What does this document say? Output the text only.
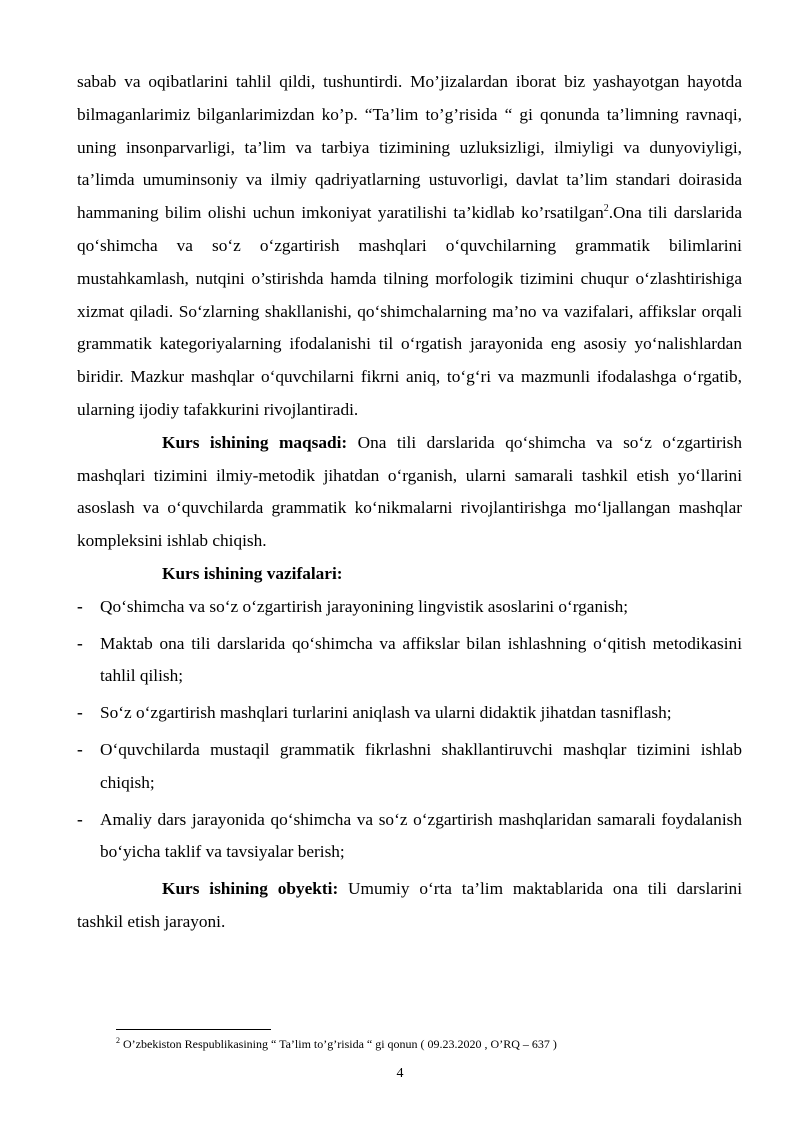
sabab va oqibatlarini tahlil qildi, tushuntirdi. Mo’jizalardan iborat biz yashayotgan hayotda bilmaganlarimiz bilganlarimizdan ko’p. “Ta’lim to’g’risida “ gi qonunda ta’limning ravnaqi, uning insonparvarligi, ta’lim va tarbiya tizimining uzluksizligi, ilmiyligi va dunyoviyligi, ta’limda umuminsoniy va ilmiy qadriyatlarning ustuvorligi, davlat ta’lim standari doirasida hammaning bilim olishi uchun imkoniyat yaratilishi ta’kidlab ko’rsatilgan$^2$.Ona tili darslarida qo‘shimcha va so‘z o‘zgartirish mashqlari o‘quvchilarning grammatik bilimlarini mustahkamlash, nutqini o’stirishda hamda tilning morfologik tizimini chuqur o‘zlashtirishiga xizmat qiladi. So‘zlarning shakllanishi, qo‘shimchalarning ma’no va vazifalari, affikslar orqali grammatik kategoriyalarning ifodalanishi til o‘rgatish jarayonida eng asosiy yo‘nalishlardan biridir. Mazkur mashqlar o‘quvchilarni fikrni aniq, to‘g‘ri va mazmunli ifodalashga o‘rgatib, ularning ijodiy tafakkurini rivojlantiradi.

Kurs ishining maqsadi: Ona tili darslarida qo‘shimcha va so‘z o‘zgartirish mashqlari tizimini ilmiy-metodik jihatdan o‘rganish, ularni samarali tashkil etish yo‘llarini asoslash va o‘quvchilarda grammatik ko‘nikmalarni rivojlantirishga mo‘ljallangan mashqlar kompleksini ishlab chiqish.

Kurs ishining vazifalari:

- Qo‘shimcha va so‘z o‘zgartirish jarayonining lingvistik asoslarini o‘rganish;
- Maktab ona tili darslarida qo‘shimcha va affikslar bilan ishlashning o‘qitish metodikasini tahlil qilish;
- So‘z o‘zgartirish mashqlari turlarini aniqlash va ularni didaktik jihatdan tasniflash;
- O‘quvchilarda mustaqil grammatik fikrlashni shakllantiruvchi mashqlar tizimini ishlab chiqish;
- Amaliy dars jarayonida qo‘shimcha va so‘z o‘zgartirish mashqlaridan samarali foydalanish bo‘yicha taklif va tavsiyalar berish;

Kurs ishining obyekti: Umumiy o‘rta ta’lim maktablarida ona tili darslarini tashkil etish jarayoni.

$^2$ O’zbekiston Respublikasining “ Ta’lim to’g’risida “ gi qonun ( 09.23.2020 , O’RQ – 637 )
4
